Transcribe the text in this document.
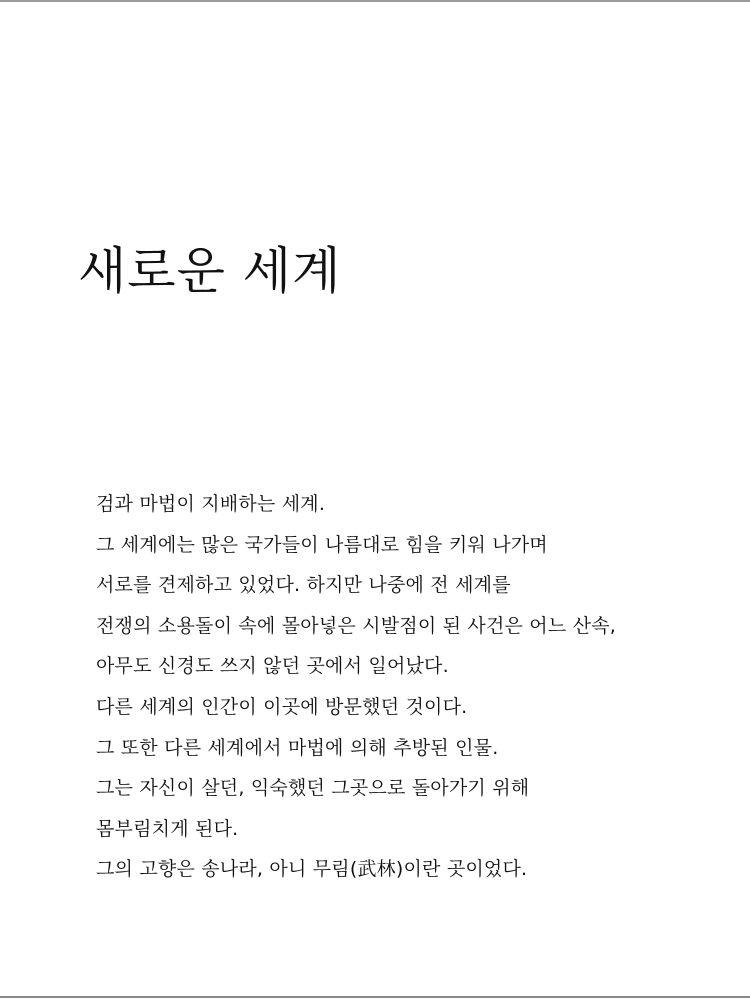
새로운 세계
검과 마법이 지배하는 세계.
그 세계에는 많은 국가들이 나름대로 힘을 키워 나가며
서로를 견제하고 있었다. 하지만 나중에 전 세계를
전쟁의 소용돌이 속에 몰아넣은 시발점이 된 사건은 어느 산속,
아무도 신경도 쓰지 않던 곳에서 일어났다.
다른 세계의 인간이 이곳에 방문했던 것이다.
그 또한 다른 세계에서 마법에 의해 추방된 인물.
그는 자신이 살던, 익숙했던 그곳으로 돌아가기 위해
몸부림치게 된다.
그의 고향은 송나라, 아니 무림(武林)이란 곳이었다.
